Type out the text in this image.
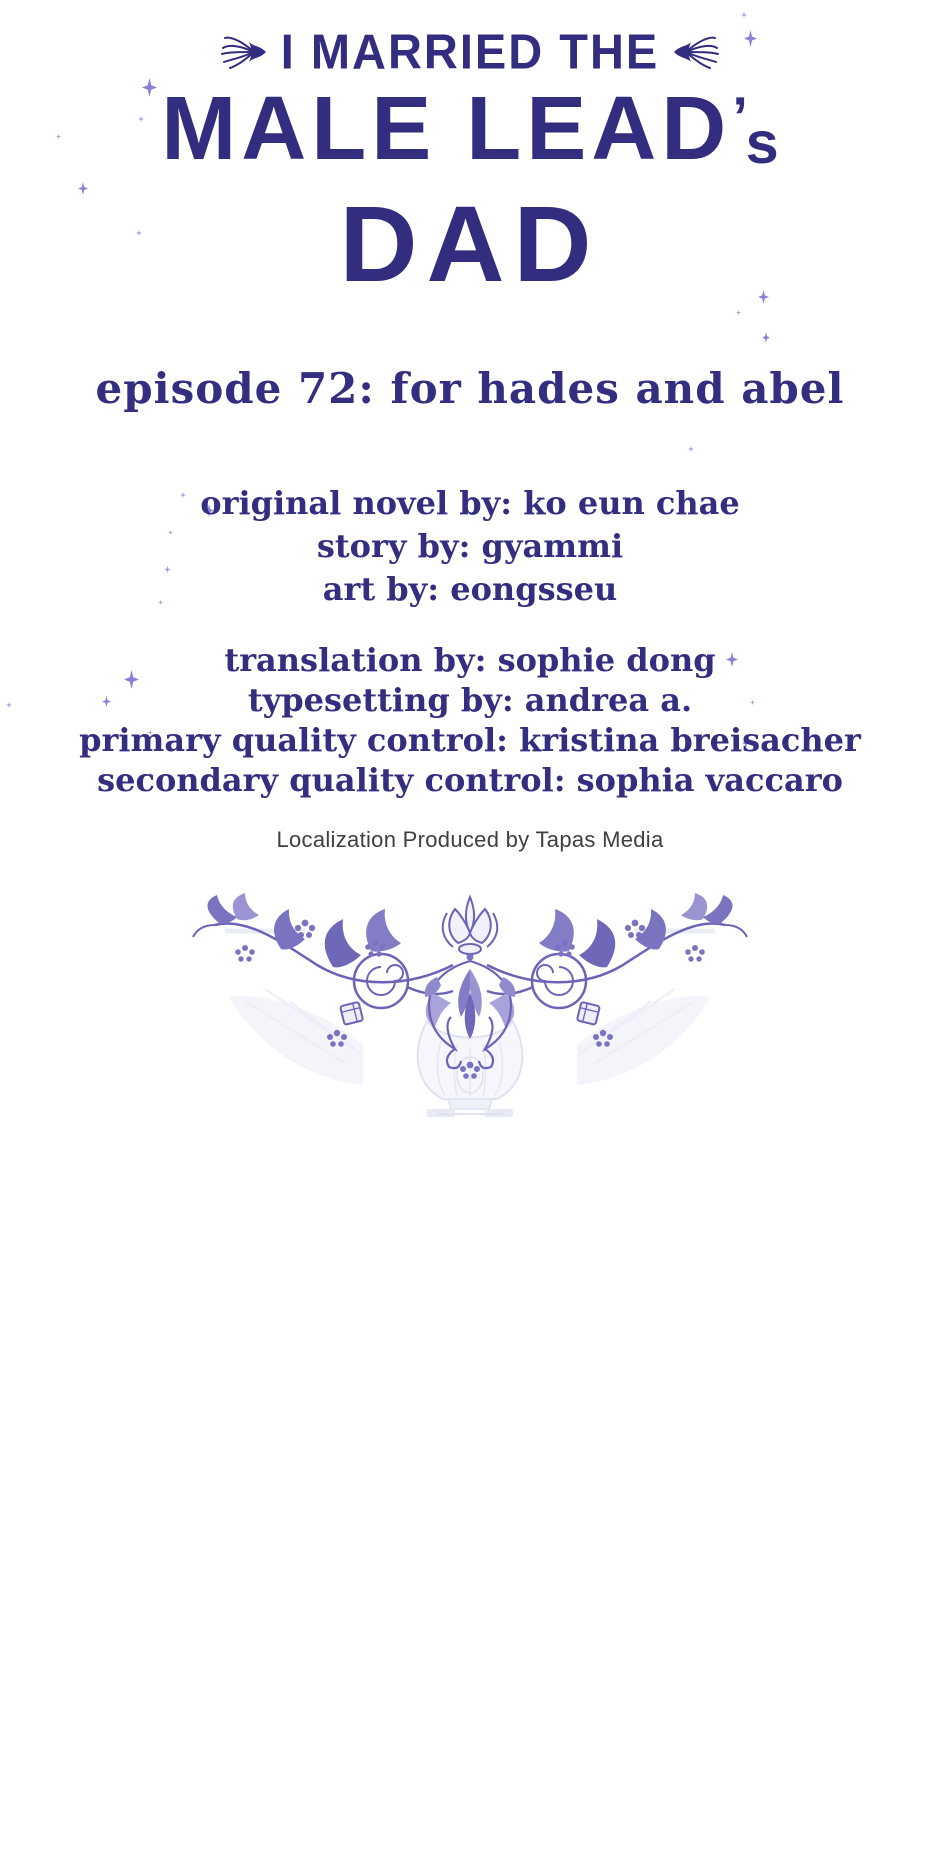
I MARRIED THE
MALE LEAD’s
DAD
episode 72: for hades and abel
original novel by: ko eun chae
story by: gyammi
art by: eongsseu
translation by: sophie dong
typesetting by: andrea a.
primary quality control: kristina breisacher
secondary quality control: sophia vaccaro
Localization Produced by Tapas Media
